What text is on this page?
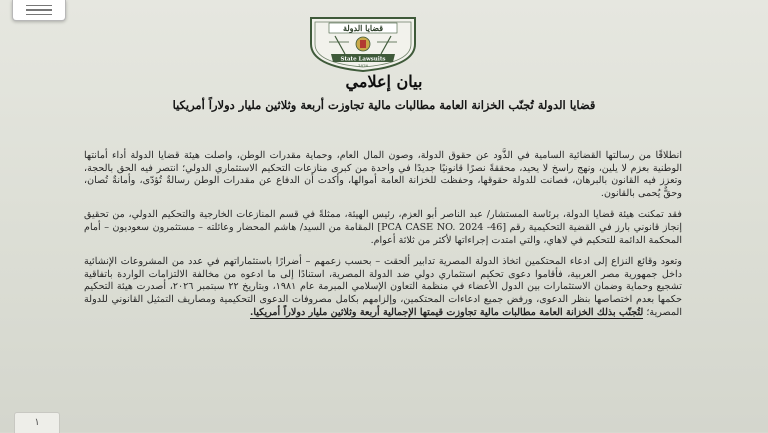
قضايا الدولة
State Lawsuits
1876
بيان إعلامي
قضايا الدولة تُجنّب الخزانة العامة مطالبات مالية تجاوزت أربعة وثلاثين مليار دولاراً أمريكيا

انطلاقًا من رسالتها القضائية السامية في الذَّود عن حقوق الدولة، وصون المال العام، وحماية مقدرات الوطن، واصلت هيئة قضايا الدولة أداء أمانتها الوطنية بعزم لا يلين، ونهج راسخ لا يحيد، محققةً نصرًا قانونيًا جديدًا في واحدة من كبرى منازعات التحكيم الاستثماري الدولي؛ انتصر فيه الحق بالحجة، وتعزز فيه القانون بالبرهان، فصانت للدولة حقوقها، وحفظت للخزانة العامة أموالها، وأكدت أن الدفاع عن مقدرات الوطن رسالةٌ تُؤدّى، وأمانةٌ تُصان، وحقٌّ يُحمى بالقانون.

فقد تمكنت هيئة قضايا الدولة، برئاسة المستشار/ عبد الناصر أبو العزم، رئيس الهيئة، ممثلةً في قسم المنازعات الخارجية والتحكيم الدولي، من تحقيق إنجاز قانوني بارز في القضية التحكيمية رقم [PCA CASE NO. 2024 -46] المقامة من السيد/ هاشم المحضار وعائلته – مستثمرون سعوديون – أمام المحكمة الدائمة للتحكيم في لاهاي، والتي امتدت إجراءاتها لأكثر من ثلاثة أعوام.

وتعود وقائع النزاع إلى ادعاء المحتكمين اتخاذ الدولة المصرية تدابير ألحقت – بحسب زعمهم – أضرارًا باستثماراتهم في عدد من المشروعات الإنشائية داخل جمهورية مصر العربية، فأقاموا دعوى تحكيم استثماري دولي ضد الدولة المصرية، استنادًا إلى ما ادعوه من مخالفة الالتزامات الواردة باتفاقية تشجيع وحماية وضمان الاستثمارات بين الدول الأعضاء في منظمة التعاون الإسلامي المبرمة عام ١٩٨١، وبتاريخ ٢٢ سبتمبر ٢٠٢٦، أصدرت هيئة التحكيم حكمها بعدم اختصاصها بنظر الدعوى، ورفض جميع ادعاءات المحتكمين، وإلزامهم بكامل مصروفات الدعوى التحكيمية ومصاريف التمثيل القانوني للدولة المصرية؛ لتُجنّب بذلك الخزانة العامة مطالبات مالية تجاوزت قيمتها الإجمالية أربعة وثلاثين مليار دولاراً أمريكيا.

١
